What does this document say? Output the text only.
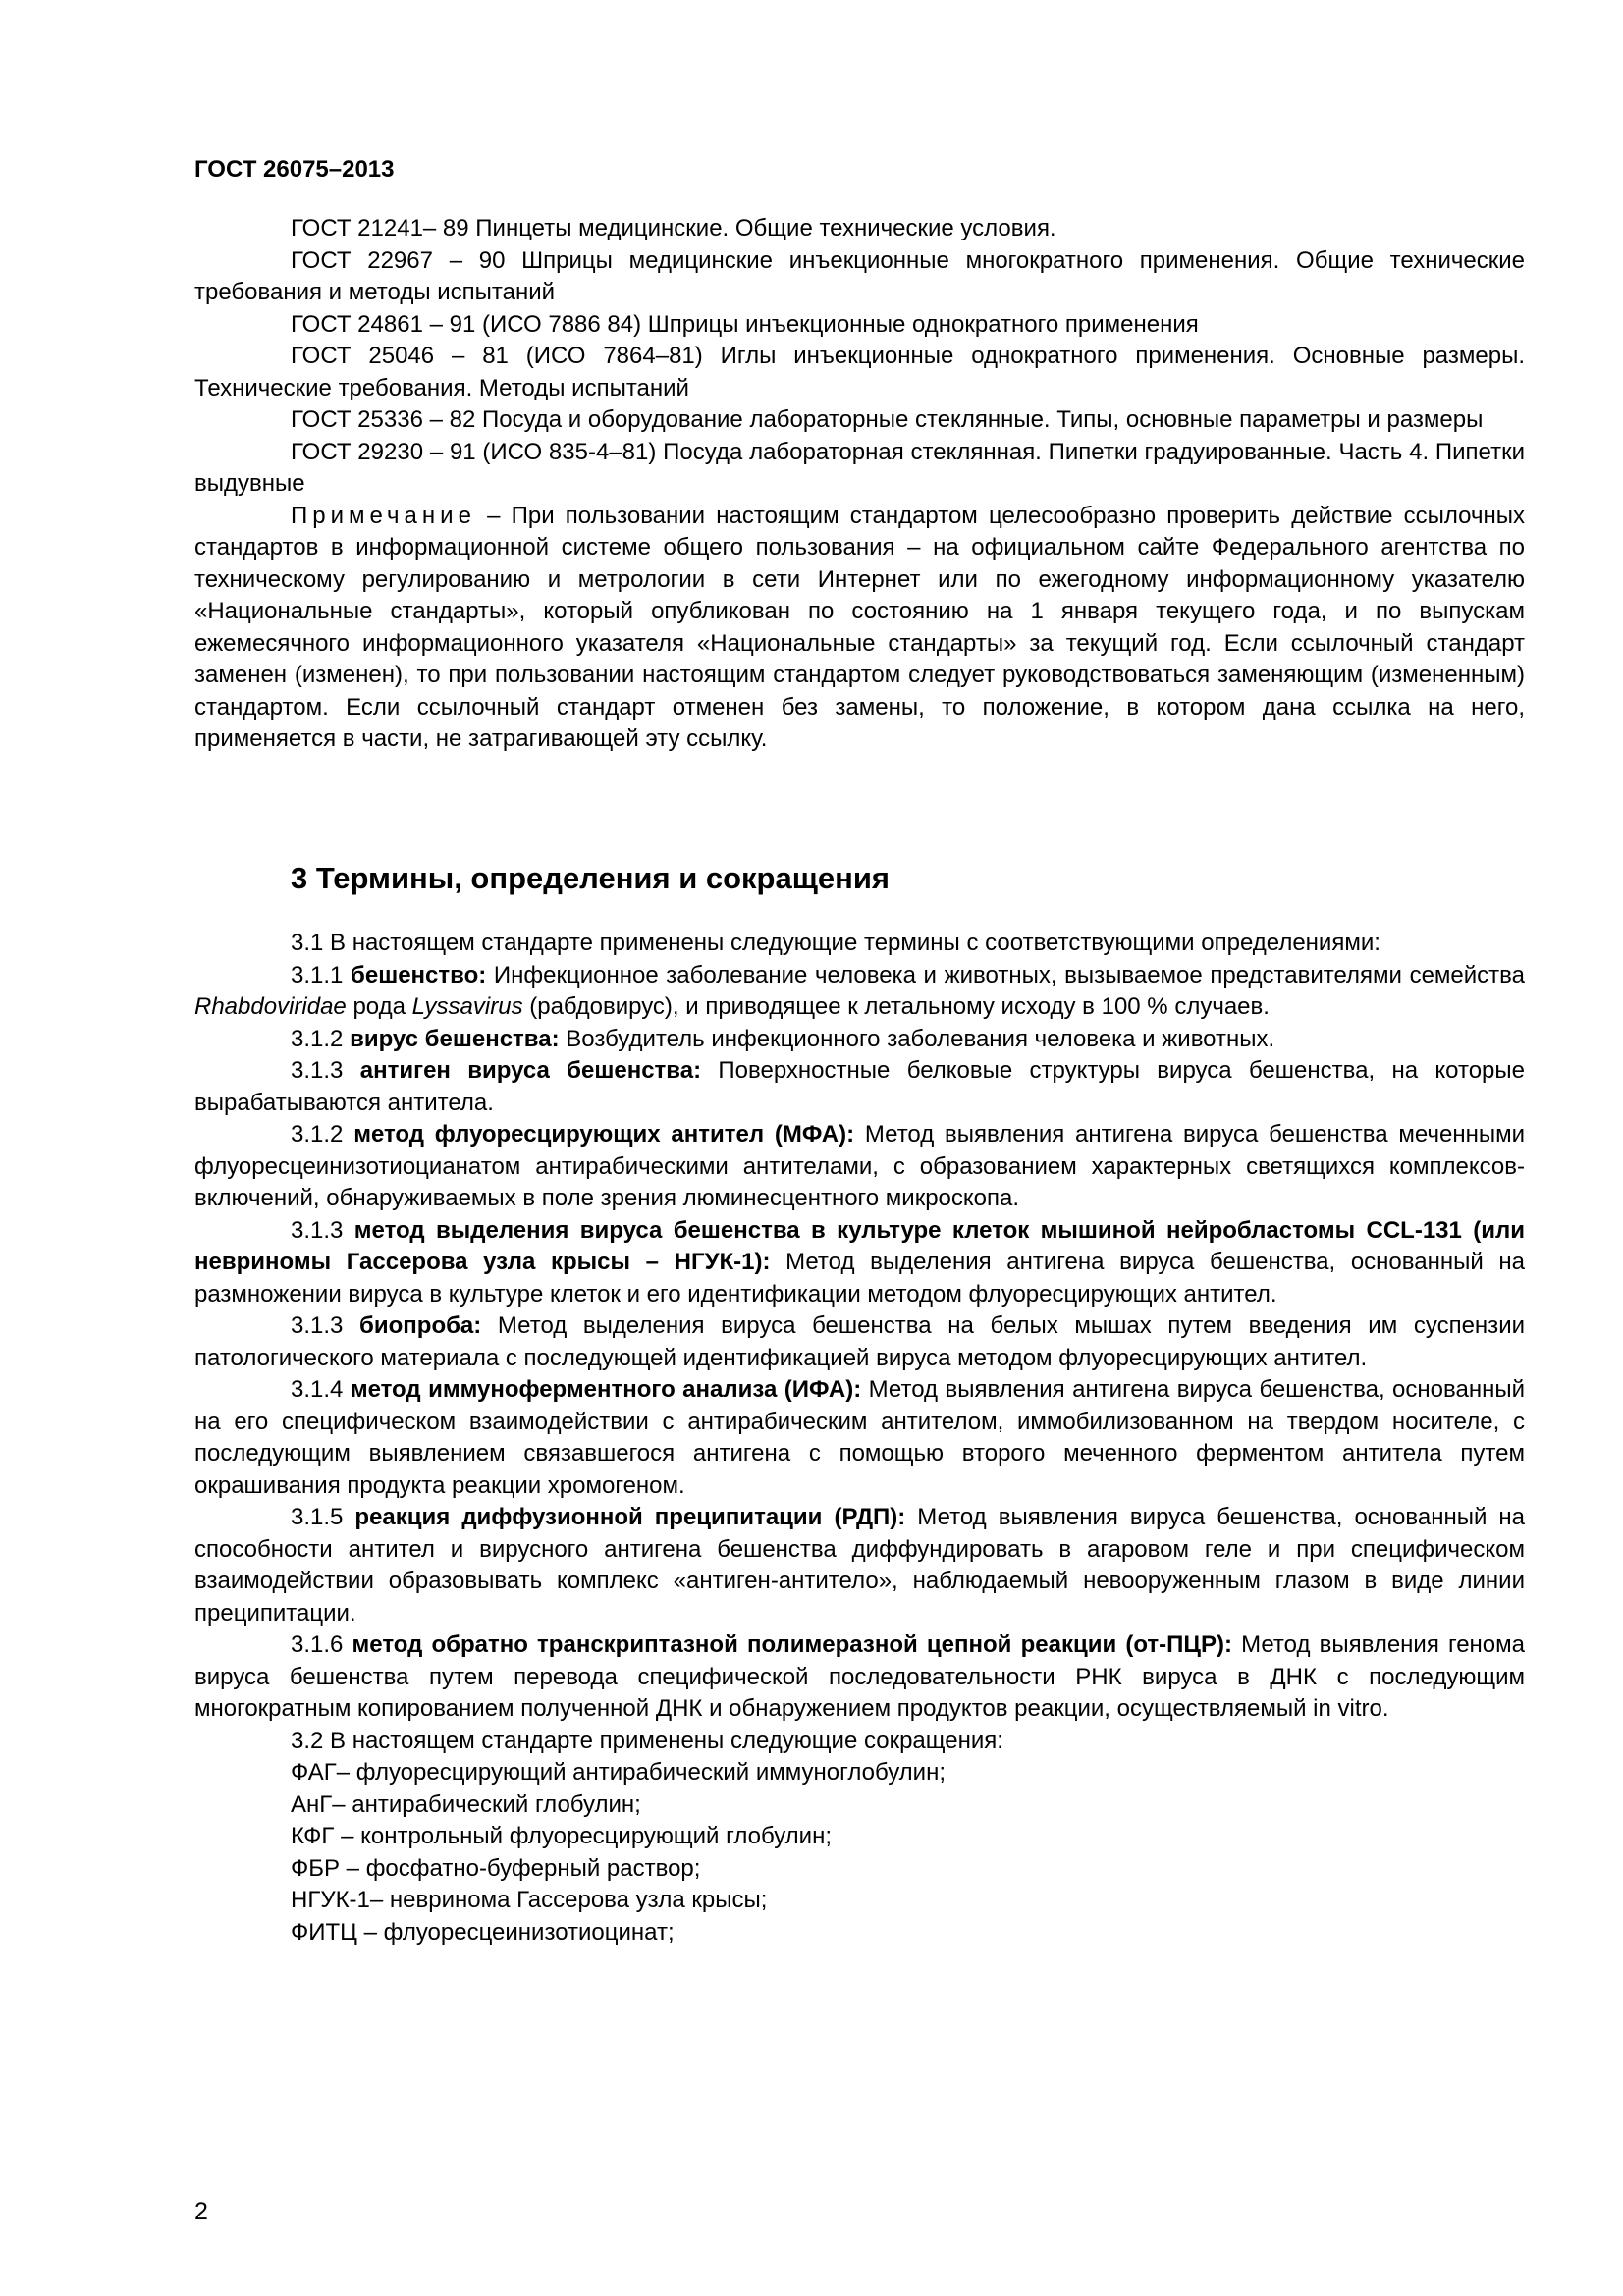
ГОСТ 26075–2013

ГОСТ 21241– 89 Пинцеты медицинские. Общие технические условия.

ГОСТ 22967 – 90 Шприцы медицинские инъекционные многократного применения. Общие технические требования и методы испытаний

ГОСТ 24861 – 91 (ИСО 7886 84) Шприцы инъекционные однократного применения

ГОСТ 25046 – 81 (ИСО 7864–81) Иглы инъекционные однократного применения. Основные размеры. Технические требования. Методы испытаний

ГОСТ 25336 – 82 Посуда и оборудование лабораторные стеклянные. Типы, основные параметры и размеры

ГОСТ 29230 – 91 (ИСО 835-4–81) Посуда лабораторная стеклянная. Пипетки градуированные. Часть 4. Пипетки выдувные

Примечание – При пользовании настоящим стандартом целесообразно проверить действие ссылочных стандартов в информационной системе общего пользования – на официальном сайте Федерального агентства по техническому регулированию и метрологии в сети Интернет или по ежегодному информационному указателю «Национальные стандарты», который опубликован по состоянию на 1 января текущего года, и по выпускам ежемесячного информационного указателя «Национальные стандарты» за текущий год. Если ссылочный стандарт заменен (изменен), то при пользовании настоящим стандартом следует руководствоваться заменяющим (измененным) стандартом. Если ссылочный стандарт отменен без замены, то положение, в котором дана ссылка на него, применяется в части, не затрагивающей эту ссылку.

3 Термины, определения и сокращения

3.1 В настоящем стандарте применены следующие термины с соответствующими определениями:

3.1.1 бешенство: Инфекционное заболевание человека и животных, вызываемое представителями семейства Rhabdoviridae рода Lyssavirus (рабдовирус), и приводящее к летальному исходу в 100 % случаев.

3.1.2 вирус бешенства: Возбудитель инфекционного заболевания человека и животных.

3.1.3 антиген вируса бешенства: Поверхностные белковые структуры вируса бешенства, на которые вырабатываются антитела.

3.1.2 метод флуоресцирующих антител (МФА): Метод выявления антигена вируса бешенства меченными флуоресцеинизотиоцианатом антирабическими антителами, с образованием характерных светящихся комплексов-включений, обнаруживаемых в поле зрения люминесцентного микроскопа.

3.1.3 метод выделения вируса бешенства в культуре клеток мышиной нейробластомы CCL-131 (или невриномы Гассерова узла крысы – НГУК-1): Метод выделения антигена вируса бешенства, основанный на размножении вируса в культуре клеток и его идентификации методом флуоресцирующих антител.

3.1.3 биопроба: Метод выделения вируса бешенства на белых мышах путем введения им суспензии патологического материала с последующей идентификацией вируса методом флуоресцирующих антител.

3.1.4 метод иммуноферментного анализа (ИФА): Метод выявления антигена вируса бешенства, основанный на его специфическом взаимодействии с антирабическим антителом, иммобилизованном на твердом носителе, с последующим выявлением связавшегося антигена с помощью второго меченного ферментом антитела путем окрашивания продукта реакции хромогеном.

3.1.5 реакция диффузионной преципитации (РДП): Метод выявления вируса бешенства, основанный на способности антител и вирусного антигена бешенства диффундировать в агаровом геле и при специфическом взаимодействии образовывать комплекс «антиген-антитело», наблюдаемый невооруженным глазом в виде линии преципитации.

3.1.6 метод обратно транскриптазной полимеразной цепной реакции (от-ПЦР): Метод выявления генома вируса бешенства путем перевода специфической последовательности РНК вируса в ДНК с последующим многократным копированием полученной ДНК и обнаружением продуктов реакции, осуществляемый in vitro.

3.2 В настоящем стандарте применены следующие сокращения:

ФАГ– флуоресцирующий антирабический иммуноглобулин;

АнГ– антирабический глобулин;

КФГ – контрольный флуоресцирующий глобулин;

ФБР – фосфатно-буферный раствор;

НГУК-1– невринома Гассерова узла крысы;

ФИТЦ – флуоресцеинизотиоцинат;

2
